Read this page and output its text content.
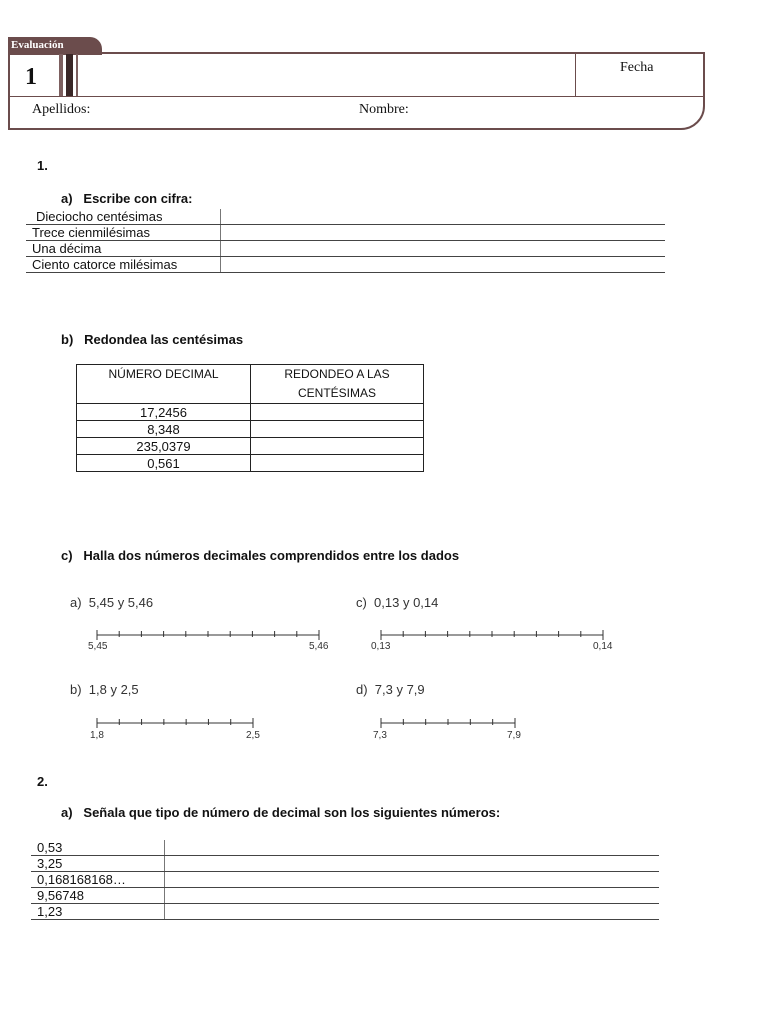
Evaluación
1	Fecha
Apellidos:	Nombre:
1.
a)   Escribe con cifra:
Dieciocho centésimas	
Trece cienmilésimas	
Una décima	
Ciento catorce milésimas	
b)   Redondea las centésimas
NÚMERO DECIMAL	REDONDEO A LAS
CENTÉSIMAS
17,2456	
8,348	
235,0379	
0,561	
c)   Halla dos números decimales comprendidos entre los dados
a)  5,45 y 5,46	c)  0,13 y 0,14
b)  1,8 y 2,5	d)  7,3 y 7,9
5,45	5,46	0,13	0,14
1,8	2,5	7,3	7,9
2.
a)   Señala que tipo de número de decimal son los siguientes números:
0,53	
3,25	
0,168168168…	
9,56748	
1,23	
